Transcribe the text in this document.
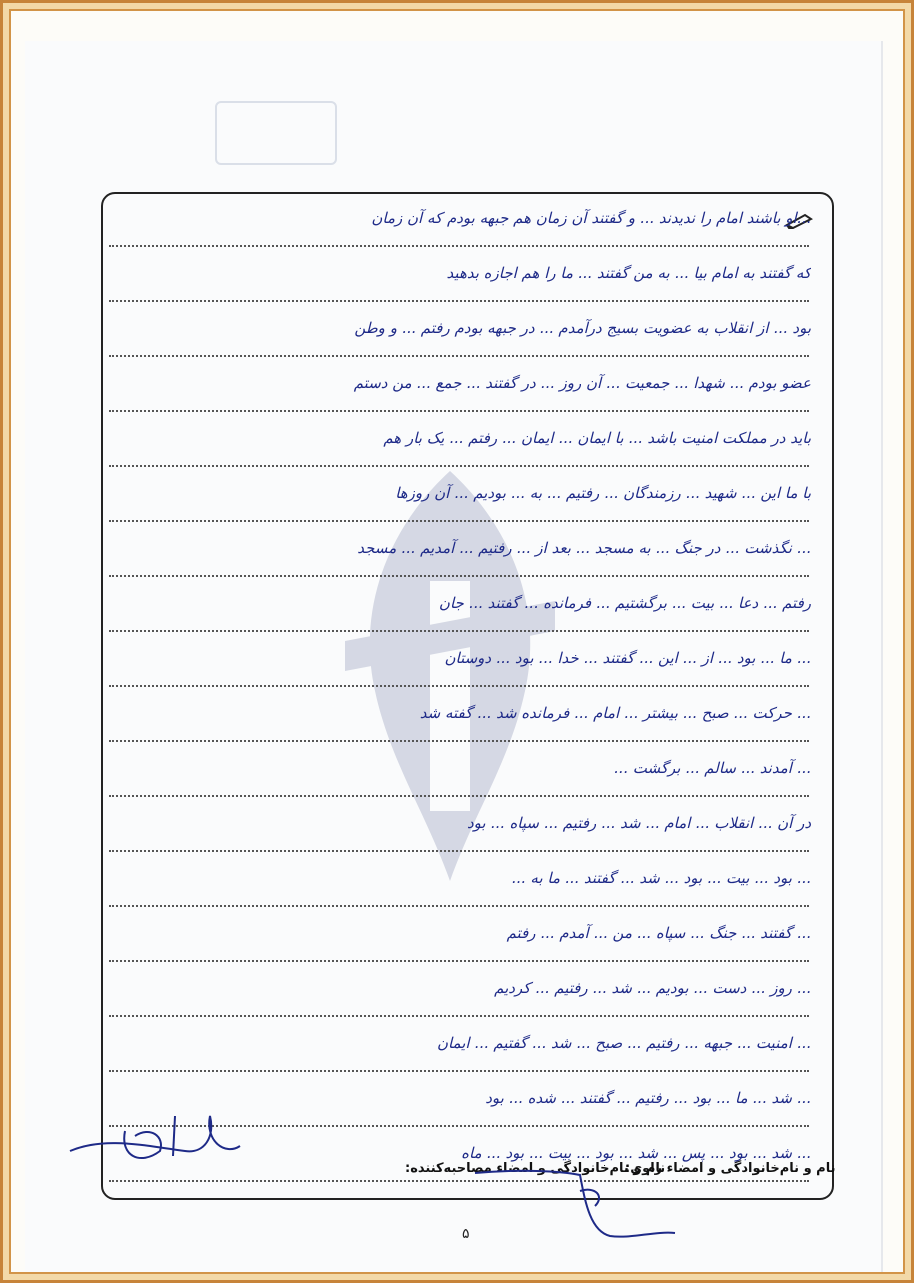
...او باشند امام را ندیدند ... و گفتند آن زمان هم جبهه بودم که آن زمان
که گفتند به امام بیا ... به من گفتند ... ما را هم اجازه بدهید
بود ... از انقلاب به عضویت بسیج درآمدم ... در جبهه بودم رفتم ... و وطن
عضو بودم ... شهدا ... جمعیت ... آن روز ... در گفتند ... جمع ... من دستم
باید در مملکت امنیت باشد ... با ایمان ... ایمان ... رفتم ... یک بار هم
با ما این ... شهید ... رزمندگان ... رفتیم ... به ... بودیم ... آن روزها
... نگذشت ... در جنگ ... به مسجد ... بعد از ... رفتیم ... آمدیم ... مسجد
رفتم ... دعا ... بیت ... برگشتیم ... فرمانده ... گفتند ... جان
... ما ... بود ... از ... این ... گفتند ... خدا ... بود ... دوستان
... حرکت ... صبح ... بیشتر ... امام ... فرمانده شد ... گفته شد
... آمدند ... سالم ... برگشت ...
در آن ... انقلاب ... امام ... شد ... رفتیم ... سپاه ... بود
... بود ... بیت ... بود ... شد ... گفتند ... ما به ...
... گفتند ... جنگ ... سپاه ... من ... آمدم ... رفتم
... روز ... دست ... بودیم ... شد ... رفتیم ... کردیم
... امنیت ... جبهه ... رفتیم ... صبح ... شد ... گفتیم ... ایمان
... شد ... ما ... بود ... رفتیم ... گفتند ... شده ... بود
... شد ... بود ... پس ... شد ... بود ... بیت ... بود ... ماه
نام و نام‌خانوادگی و امضاء راوی:
نام و نام‌خانوادگی و امضاء مصاحبه‌کننده:
۵
